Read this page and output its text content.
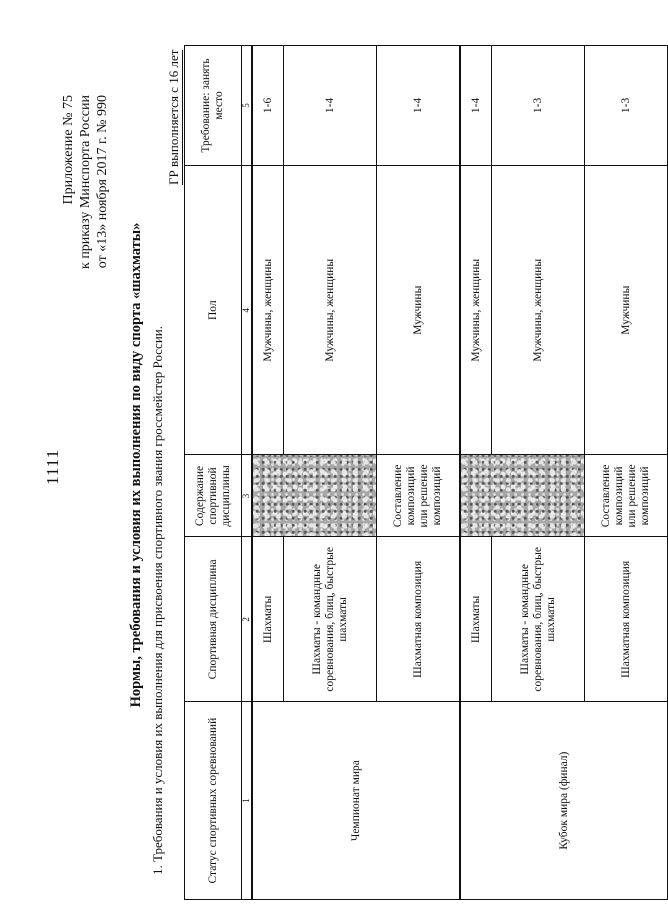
1111
Приложение № 75 к приказу Минспорта России от «13» ноября 2017 г. № 990
Нормы, требования и условия их выполнения по виду спорта «шахматы» 1. Требования и условия их выполнения для присвоения спортивного звания гроссмейстер России.
ГР выполняется с 16 лет
Статус спортивных соревнований	Спортивная дисциплина	Содержание спортивной дисциплины	Пол	Требование: занять место
1	2	3	4	5
Чемпионат мира	Шахматы		Мужчины, женщины	1-6
	Шахматы - командные соревнования, блиц, быстрые шахматы		Мужчины, женщины	1-4
	Шахматная композиция	Составление композиций или решение композиций	Мужчины	1-4
Кубок мира (финал)	Шахматы		Мужчины, женщины	1-4
	Шахматы - командные соревнования, блиц, быстрые шахматы		Мужчины, женщины	1-3
	Шахматная композиция	Составление композиций или решение композиций	Мужчины	1-3
